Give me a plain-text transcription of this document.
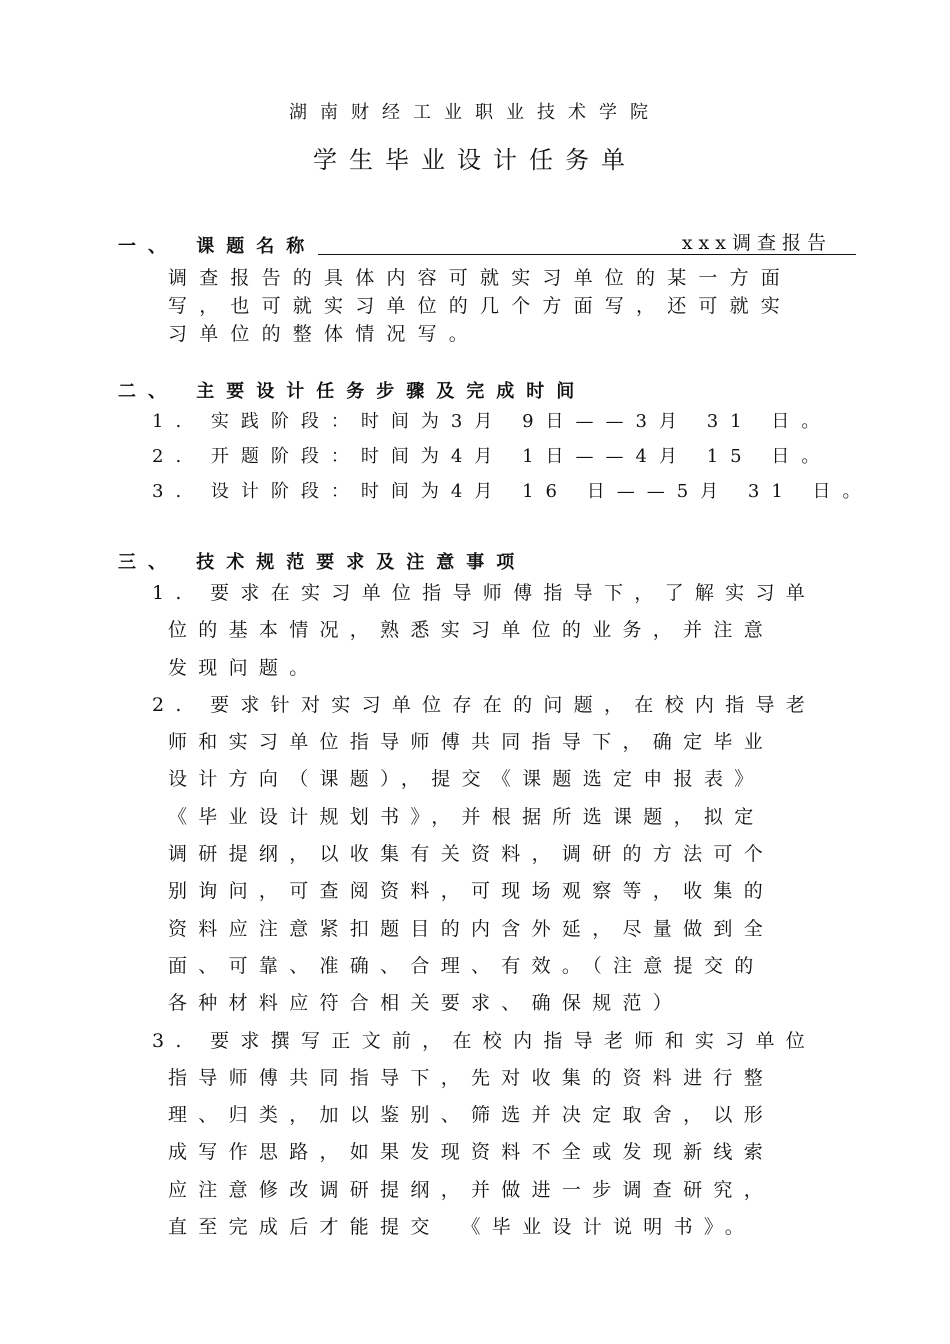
湖南财经工业职业技术学院
学生毕业设计任务单
一、 课题名称	xxx调查报告
调查报告的具体内容可就实习单位的某一方面
写，也可就实习单位的几个方面写，还可就实
习单位的整体情况写。
二、 主要设计任务步骤及完成时间
1. 实践阶段：时间为3月 9日——3月 31 日。
2. 开题阶段：时间为4月 1日——4月 15 日。
3. 设计阶段：时间为4月 16 日——5月 31 日。
三、 技术规范要求及注意事项
1. 要求在实习单位指导师傅指导下，了解实习单
位的基本情况，熟悉实习单位的业务，并注意
发现问题。
2. 要求针对实习单位存在的问题，在校内指导老
师和实习单位指导师傅共同指导下，确定毕业
设计方向（课题），提交《课题选定申报表》
《毕业设计规划书》，并根据所选课题，拟定
调研提纲，以收集有关资料，调研的方法可个
别询问，可查阅资料，可现场观察等，收集的
资料应注意紧扣题目的内含外延，尽量做到全
面、可靠、准确、合理、有效。（注意提交的
各种材料应符合相关要求、确保规范）
3. 要求撰写正文前，在校内指导老师和实习单位
指导师傅共同指导下，先对收集的资料进行整
理、归类，加以鉴别、筛选并决定取舍，以形
成写作思路，如果发现资料不全或发现新线索
应注意修改调研提纲，并做进一步调查研究，
直至完成后才能提交　《毕业设计说明书》。
